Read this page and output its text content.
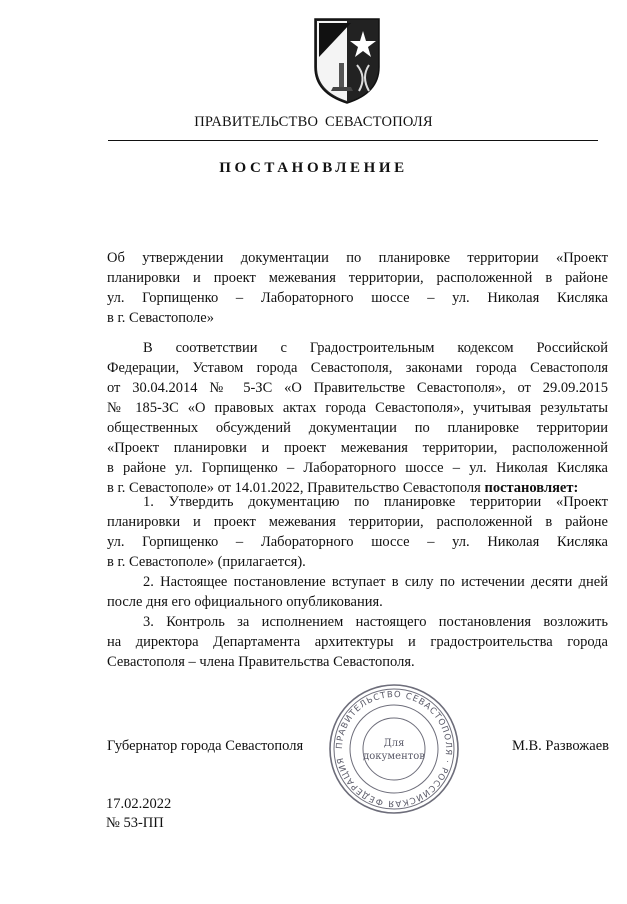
ПРАВИТЕЛЬСТВО СЕВАСТОПОЛЯ
ПОСТАНОВЛЕНИЕ
Об утверждении документации по планировке территории «Проект
планировки и проект межевания территории, расположенной в районе
ул. Горпищенко – Лабораторного шоссе – ул. Николая Кисляка
в г. Севастополе»
В соответствии с Градостроительным кодексом Российской
Федерации, Уставом города Севастополя, законами города Севастополя
от 30.04.2014 № 5-ЗС «О Правительстве Севастополя», от 29.09.2015
№ 185-ЗС «О правовых актах города Севастополя», учитывая результаты
общественных обсуждений документации по планировке территории
«Проект планировки и проект межевания территории, расположенной
в районе ул. Горпищенко – Лабораторного шоссе – ул. Николая Кисляка
в г. Севастополе» от 14.01.2022, Правительство Севастополя постановляет:
1. Утвердить документацию по планировке территории «Проект
планировки и проект межевания территории, расположенной в районе
ул. Горпищенко – Лабораторного шоссе – ул. Николая Кисляка
в г. Севастополе» (прилагается).
2. Настоящее постановление вступает в силу по истечении десяти дней
после дня его официального опубликования.
3. Контроль за исполнением настоящего постановления возложить
на директора Департамента архитектуры и градостроительства города
Севастополя – члена Правительства Севастополя.
Губернатор города Севастополя	М.В. Развожаев
ПРАВИТЕЛЬСТВО СЕВАСТОПОЛЯ · РОССИЙСКАЯ ФЕДЕРАЦИЯ
Для
документов
17.02.2022
№ 53-ПП
